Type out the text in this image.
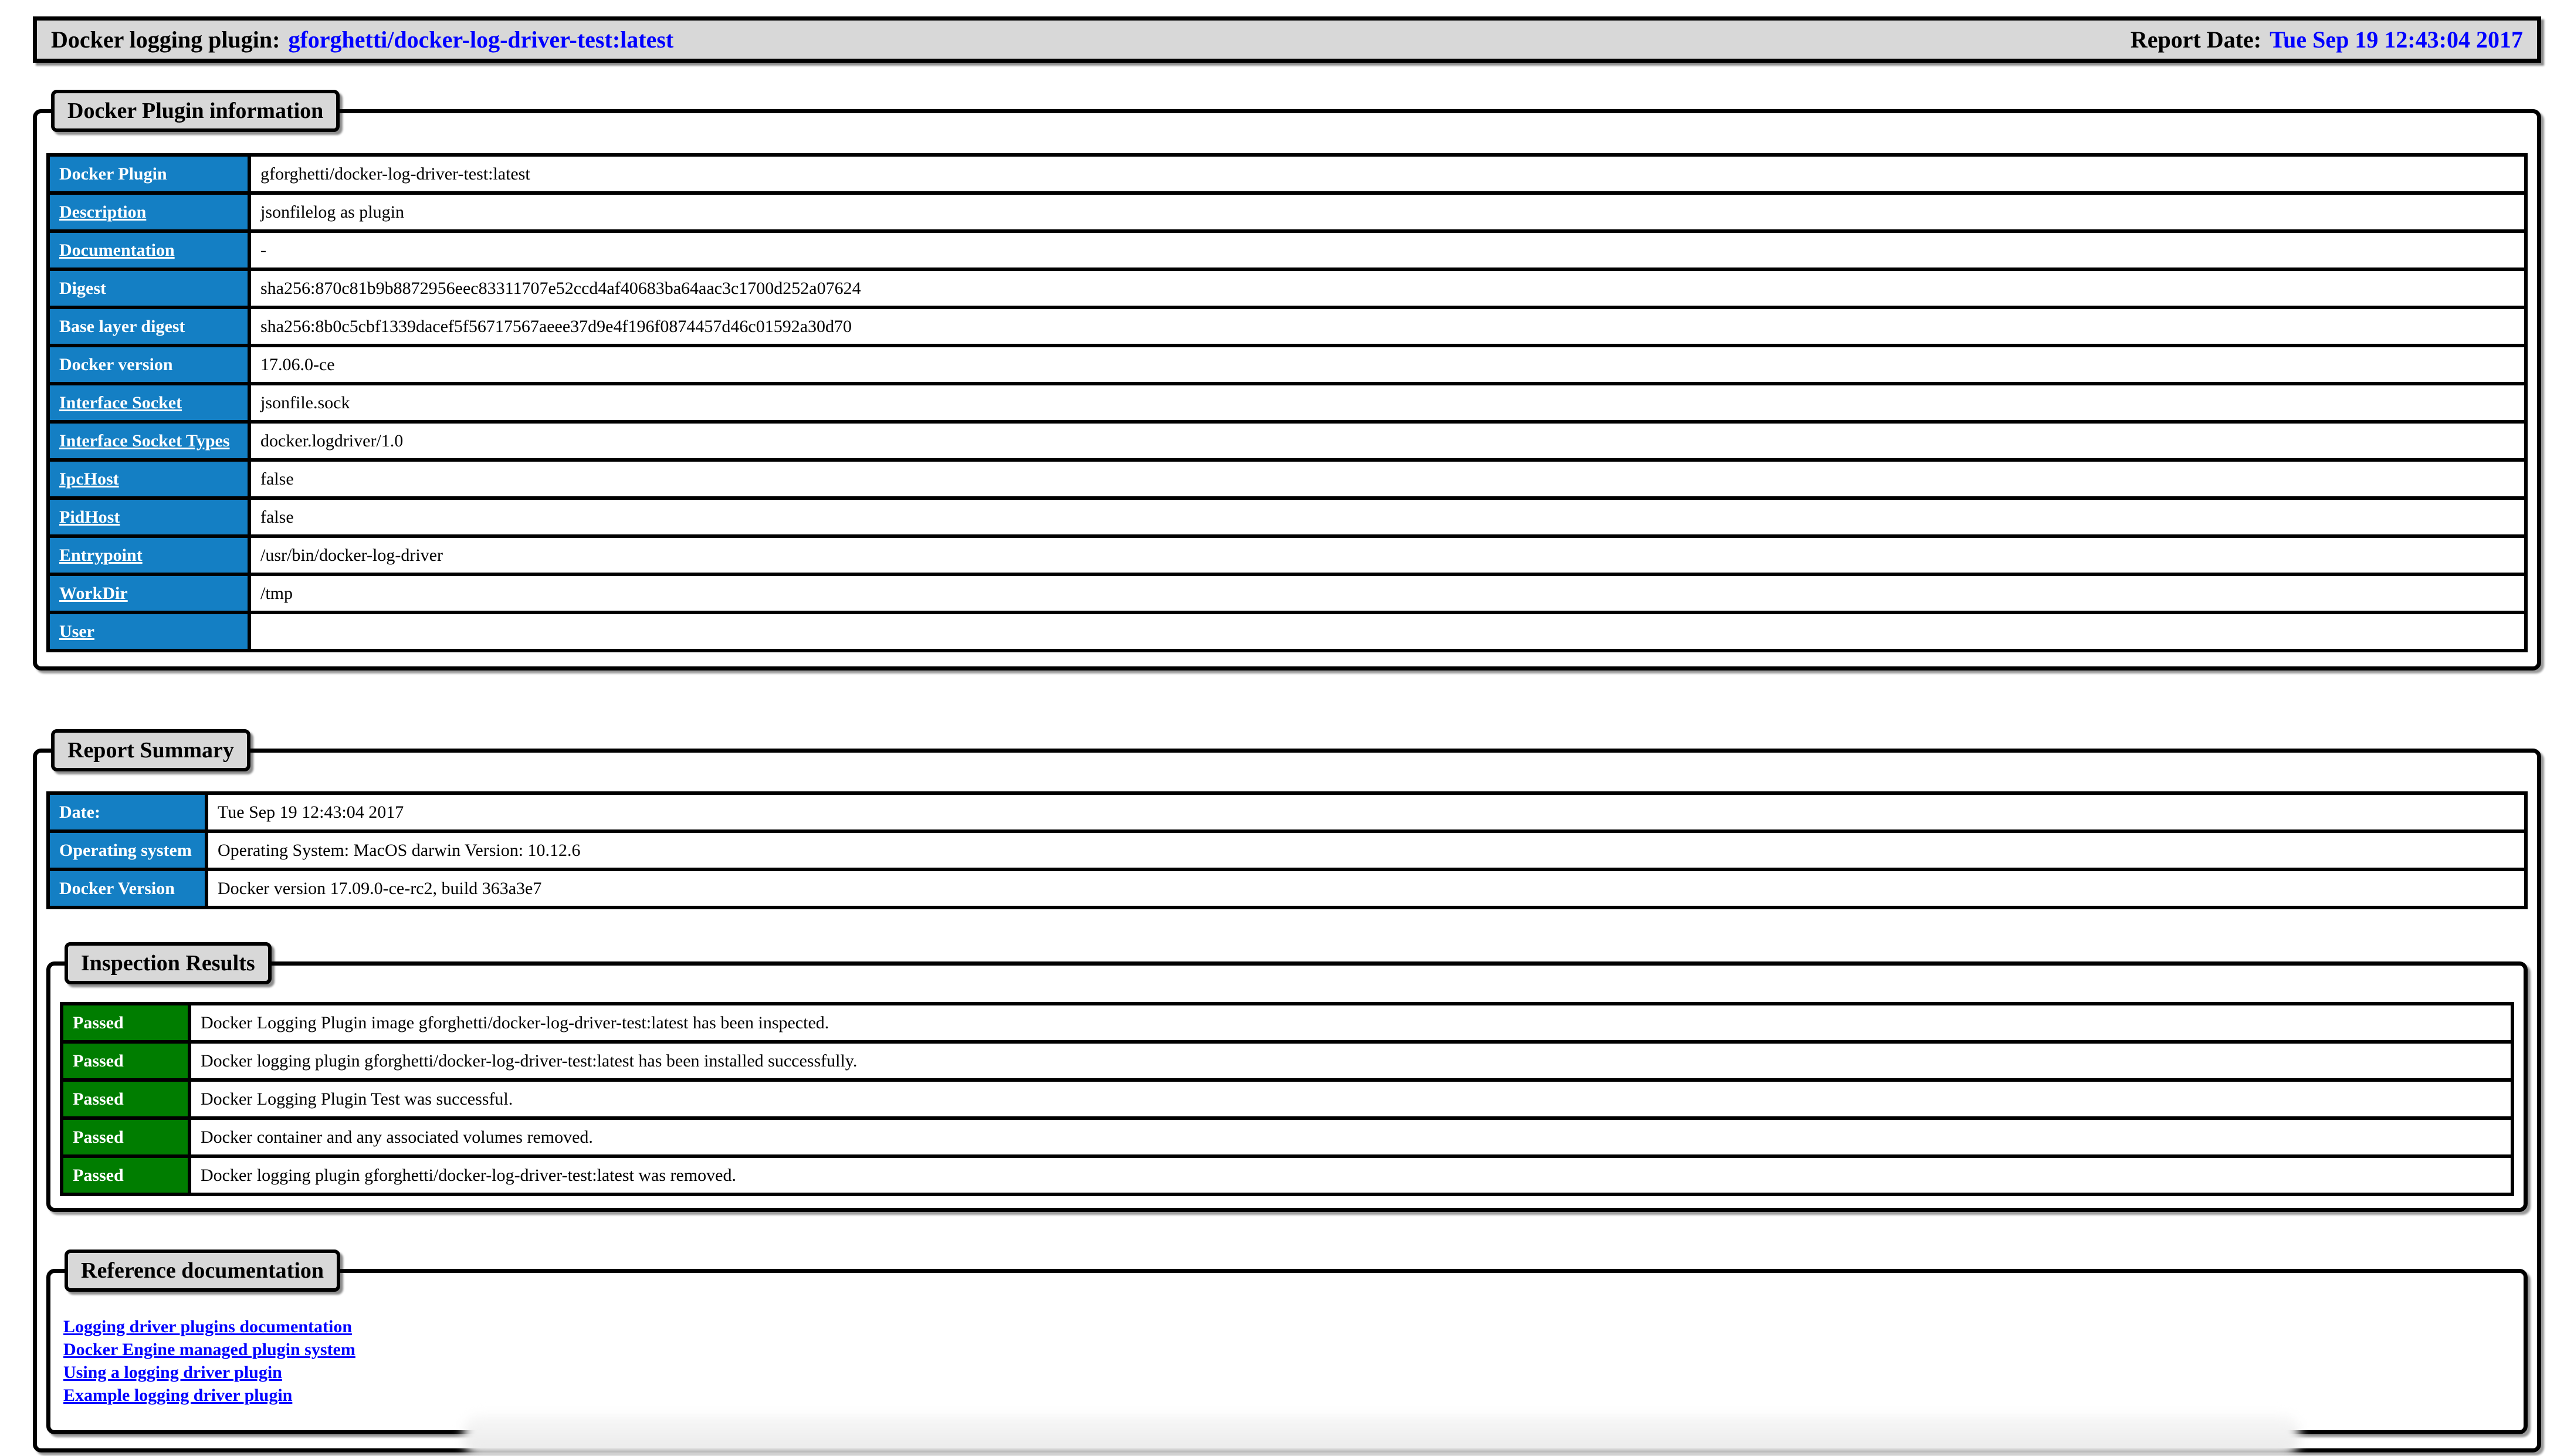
Docker logging plugin: gforghetti/docker-log-driver-test:latest	Report Date: Tue Sep 19 12:43:04 2017
Docker Plugin information
Docker Plugin	gforghetti/docker-log-driver-test:latest
Description	jsonfilelog as plugin
Documentation	-
Digest	sha256:870c81b9b8872956eec83311707e52ccd4af40683ba64aac3c1700d252a07624
Base layer digest	sha256:8b0c5cbf1339dacef5f56717567aeee37d9e4f196f0874457d46c01592a30d70
Docker version	17.06.0-ce
Interface Socket	jsonfile.sock
Interface Socket Types	docker.logdriver/1.0
IpcHost	false
PidHost	false
Entrypoint	/usr/bin/docker-log-driver
WorkDir	/tmp
User	
Report Summary
Date:	Tue Sep 19 12:43:04 2017
Operating system	Operating System: MacOS darwin Version: 10.12.6
Docker Version	Docker version 17.09.0-ce-rc2, build 363a3e7
Inspection Results
Passed	Docker Logging Plugin image gforghetti/docker-log-driver-test:latest has been inspected.
Passed	Docker logging plugin gforghetti/docker-log-driver-test:latest has been installed successfully.
Passed	Docker Logging Plugin Test was successful.
Passed	Docker container and any associated volumes removed.
Passed	Docker logging plugin gforghetti/docker-log-driver-test:latest was removed.
Reference documentation
Logging driver plugins documentation
Docker Engine managed plugin system
Using a logging driver plugin
Example logging driver plugin
